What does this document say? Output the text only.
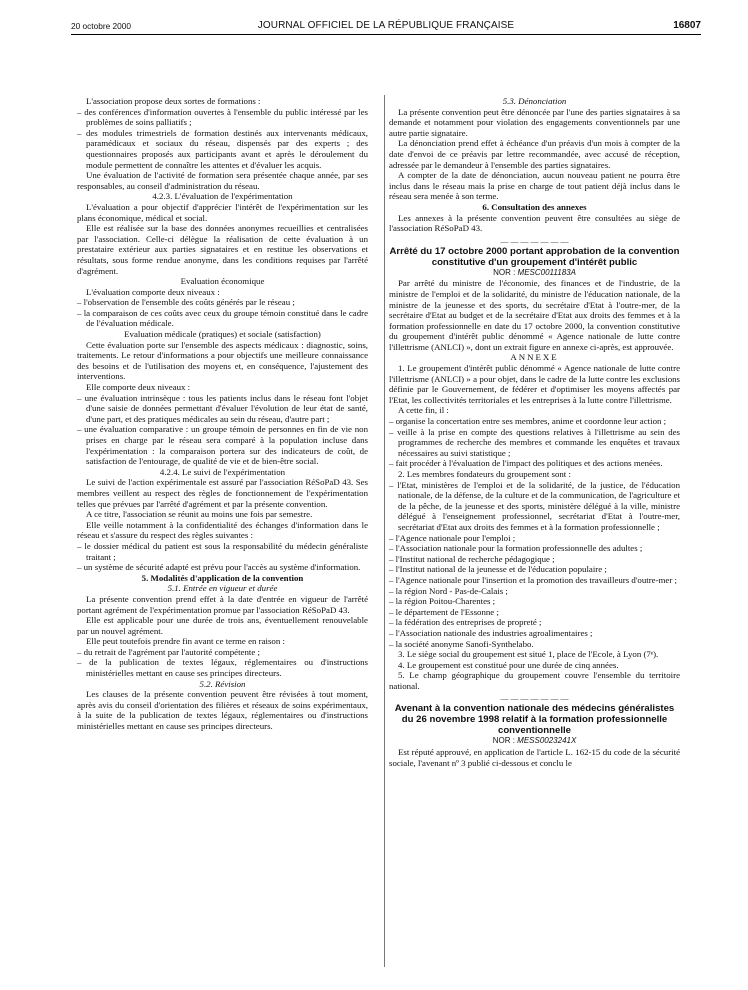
20 octobre 2000	JOURNAL OFFICIEL DE LA RÉPUBLIQUE FRANÇAISE	16807

L'association propose deux sortes de formations :

– des conférences d'information ouvertes à l'ensemble du public intéressé par les problèmes de soins palliatifs ;

– des modules trimestriels de formation destinés aux intervenants médicaux, paramédicaux et sociaux du réseau, dispensés par des experts ; des questionnaires proposés aux participants avant et après le déroulement du module permettent de connaître les attentes et d'évaluer les acquis.

Une évaluation de l'activité de formation sera présentée chaque année, par ses responsables, au conseil d'administration du réseau.

4.2.3. L'évaluation de l'expérimentation

L'évaluation a pour objectif d'apprécier l'intérêt de l'expérimentation sur les plans économique, médical et social.

Elle est réalisée sur la base des données anonymes recueillies et centralisées par l'association. Celle-ci délègue la réalisation de cette évaluation à un prestataire extérieur aux parties signataires et en restitue les observations et résultats, sous forme rendue anonyme, dans les conditions requises par l'arrêté d'agrément.

Evaluation économique

L'évaluation comporte deux niveaux :

– l'observation de l'ensemble des coûts générés par le réseau ;

– la comparaison de ces coûts avec ceux du groupe témoin constitué dans le cadre de l'évaluation médicale.

Evaluation médicale (pratiques) et sociale (satisfaction)

Cette évaluation porte sur l'ensemble des aspects médicaux : diagnostic, soins, traitements. Le retour d'informations a pour objectifs une meilleure connaissance des besoins et de l'utilisation des moyens et, en conséquence, l'ajustement des interventions.

Elle comporte deux niveaux :

– une évaluation intrinsèque : tous les patients inclus dans le réseau font l'objet d'une saisie de données permettant d'évaluer l'évolution de leur état de santé, d'une part, et des pratiques médicales au sein du réseau, d'autre part ;

– une évaluation comparative : un groupe témoin de personnes en fin de vie non prises en charge par le réseau sera comparé à la population incluse dans l'expérimentation : la comparaison portera sur des indicateurs de coût, de satisfaction de l'entourage, de qualité de vie et de bien-être social.

4.2.4. Le suivi de l'expérimentation

Le suivi de l'action expérimentale est assuré par l'association RéSoPaD 43. Ses membres veillent au respect des règles de fonctionnement de l'expérimentation telles que prévues par l'arrêté d'agrément et par la présente convention.

A ce titre, l'association se réunit au moins une fois par semestre.

Elle veille notamment à la confidentialité des échanges d'information dans le réseau et s'assure du respect des règles suivantes :

– le dossier médical du patient est sous la responsabilité du médecin généraliste traitant ;

– un système de sécurité adapté est prévu pour l'accès au système d'information.

5. Modalités d'application de la convention

5.1. Entrée en vigueur et durée

La présente convention prend effet à la date d'entrée en vigueur de l'arrêté portant agrément de l'expérimentation promue par l'association RéSoPaD 43.

Elle est applicable pour une durée de trois ans, éventuellement renouvelable par un nouvel agrément.

Elle peut toutefois prendre fin avant ce terme en raison :

– du retrait de l'agrément par l'autorité compétente ;

– de la publication de textes légaux, réglementaires ou d'instructions ministérielles mettant en cause ses principes directeurs.

5.2. Révision

Les clauses de la présente convention peuvent être révisées à tout moment, après avis du conseil d'orientation des filières et réseaux de soins expérimentaux, à la suite de la publication de textes légaux, réglementaires ou d'instructions ministérielles mettant en cause ses principes directeurs.

5.3. Dénonciation

La présente convention peut être dénoncée par l'une des parties signataires à sa demande et notamment pour violation des engagements conventionnels par une autre partie signataire.

La dénonciation prend effet à échéance d'un préavis d'un mois à compter de la date d'envoi de ce préavis par lettre recommandée, avec accusé de réception, adressée par le demandeur à l'ensemble des parties signataires.

A compter de la date de dénonciation, aucun nouveau patient ne pourra être inclus dans le réseau mais la prise en charge de tout patient déjà inclus dans le réseau sera menée à son terme.

6. Consultation des annexes

Les annexes à la présente convention peuvent être consultées au siège de l'association RéSoPaD 43.

— — — — — — —

Arrêté du 17 octobre 2000 portant approbation de la convention constitutive d'un groupement d'intérêt public

NOR : MESC0011183A

Par arrêté du ministre de l'économie, des finances et de l'industrie, de la ministre de l'emploi et de la solidarité, du ministre de l'éducation nationale, de la ministre de la jeunesse et des sports, du secrétaire d'Etat à l'outre-mer, de la secrétaire d'Etat au budget et de la secrétaire d'Etat aux droits des femmes et à la formation professionnelle en date du 17 octobre 2000, la convention constitutive du groupement d'intérêt public dénommé « Agence nationale de lutte contre l'illettrisme (ANLCI) », dont un extrait figure en annexe ci-après, est approuvée.

ANNEXE

1. Le groupement d'intérêt public dénommé « Agence nationale de lutte contre l'illettrisme (ANLCI) » a pour objet, dans le cadre de la lutte contre les exclusions définie par le Gouvernement, de fédérer et d'optimiser les moyens affectés par l'Etat, les collectivités territoriales et les entreprises à la lutte contre l'illettrisme.

A cette fin, il :

– organise la concertation entre ses membres, anime et coordonne leur action ;

– veille à la prise en compte des questions relatives à l'illettrisme au sein des programmes de recherche des membres et commande les enquêtes et travaux nécessaires au suivi statistique ;

– fait procéder à l'évaluation de l'impact des politiques et des actions menées.

2. Les membres fondateurs du groupement sont :

– l'Etat, ministères de l'emploi et de la solidarité, de la justice, de l'éducation nationale, de la défense, de la culture et de la communication, de l'agriculture et de la pêche, de la jeunesse et des sports, ministère délégué à la ville, ministre délégué à l'enseignement professionnel, secrétariat d'Etat à l'outre-mer, secrétariat d'Etat aux droits des femmes et à la formation professionnelle ;

– l'Agence nationale pour l'emploi ;

– l'Association nationale pour la formation professionnelle des adultes ;

– l'Institut national de recherche pédagogique ;

– l'Institut national de la jeunesse et de l'éducation populaire ;

– l'Agence nationale pour l'insertion et la promotion des travailleurs d'outre-mer ;

– la région Nord - Pas-de-Calais ;

– la région Poitou-Charentes ;

– le département de l'Essonne ;

– la fédération des entreprises de propreté ;

– l'Association nationale des industries agroalimentaires ;

– la société anonyme Sanofi-Synthelabo.

3. Le siège social du groupement est situé 1, place de l'Ecole, à Lyon (7ᵉ).

4. Le groupement est constitué pour une durée de cinq années.

5. Le champ géographique du groupement couvre l'ensemble du territoire national.

— — — — — — —

Avenant à la convention nationale des médecins généralistes du 26 novembre 1998 relatif à la formation professionnelle conventionnelle

NOR : MESS0023241X

Est réputé approuvé, en application de l'article L. 162-15 du code de la sécurité sociale, l'avenant nº 3 publié ci-dessous et conclu le
